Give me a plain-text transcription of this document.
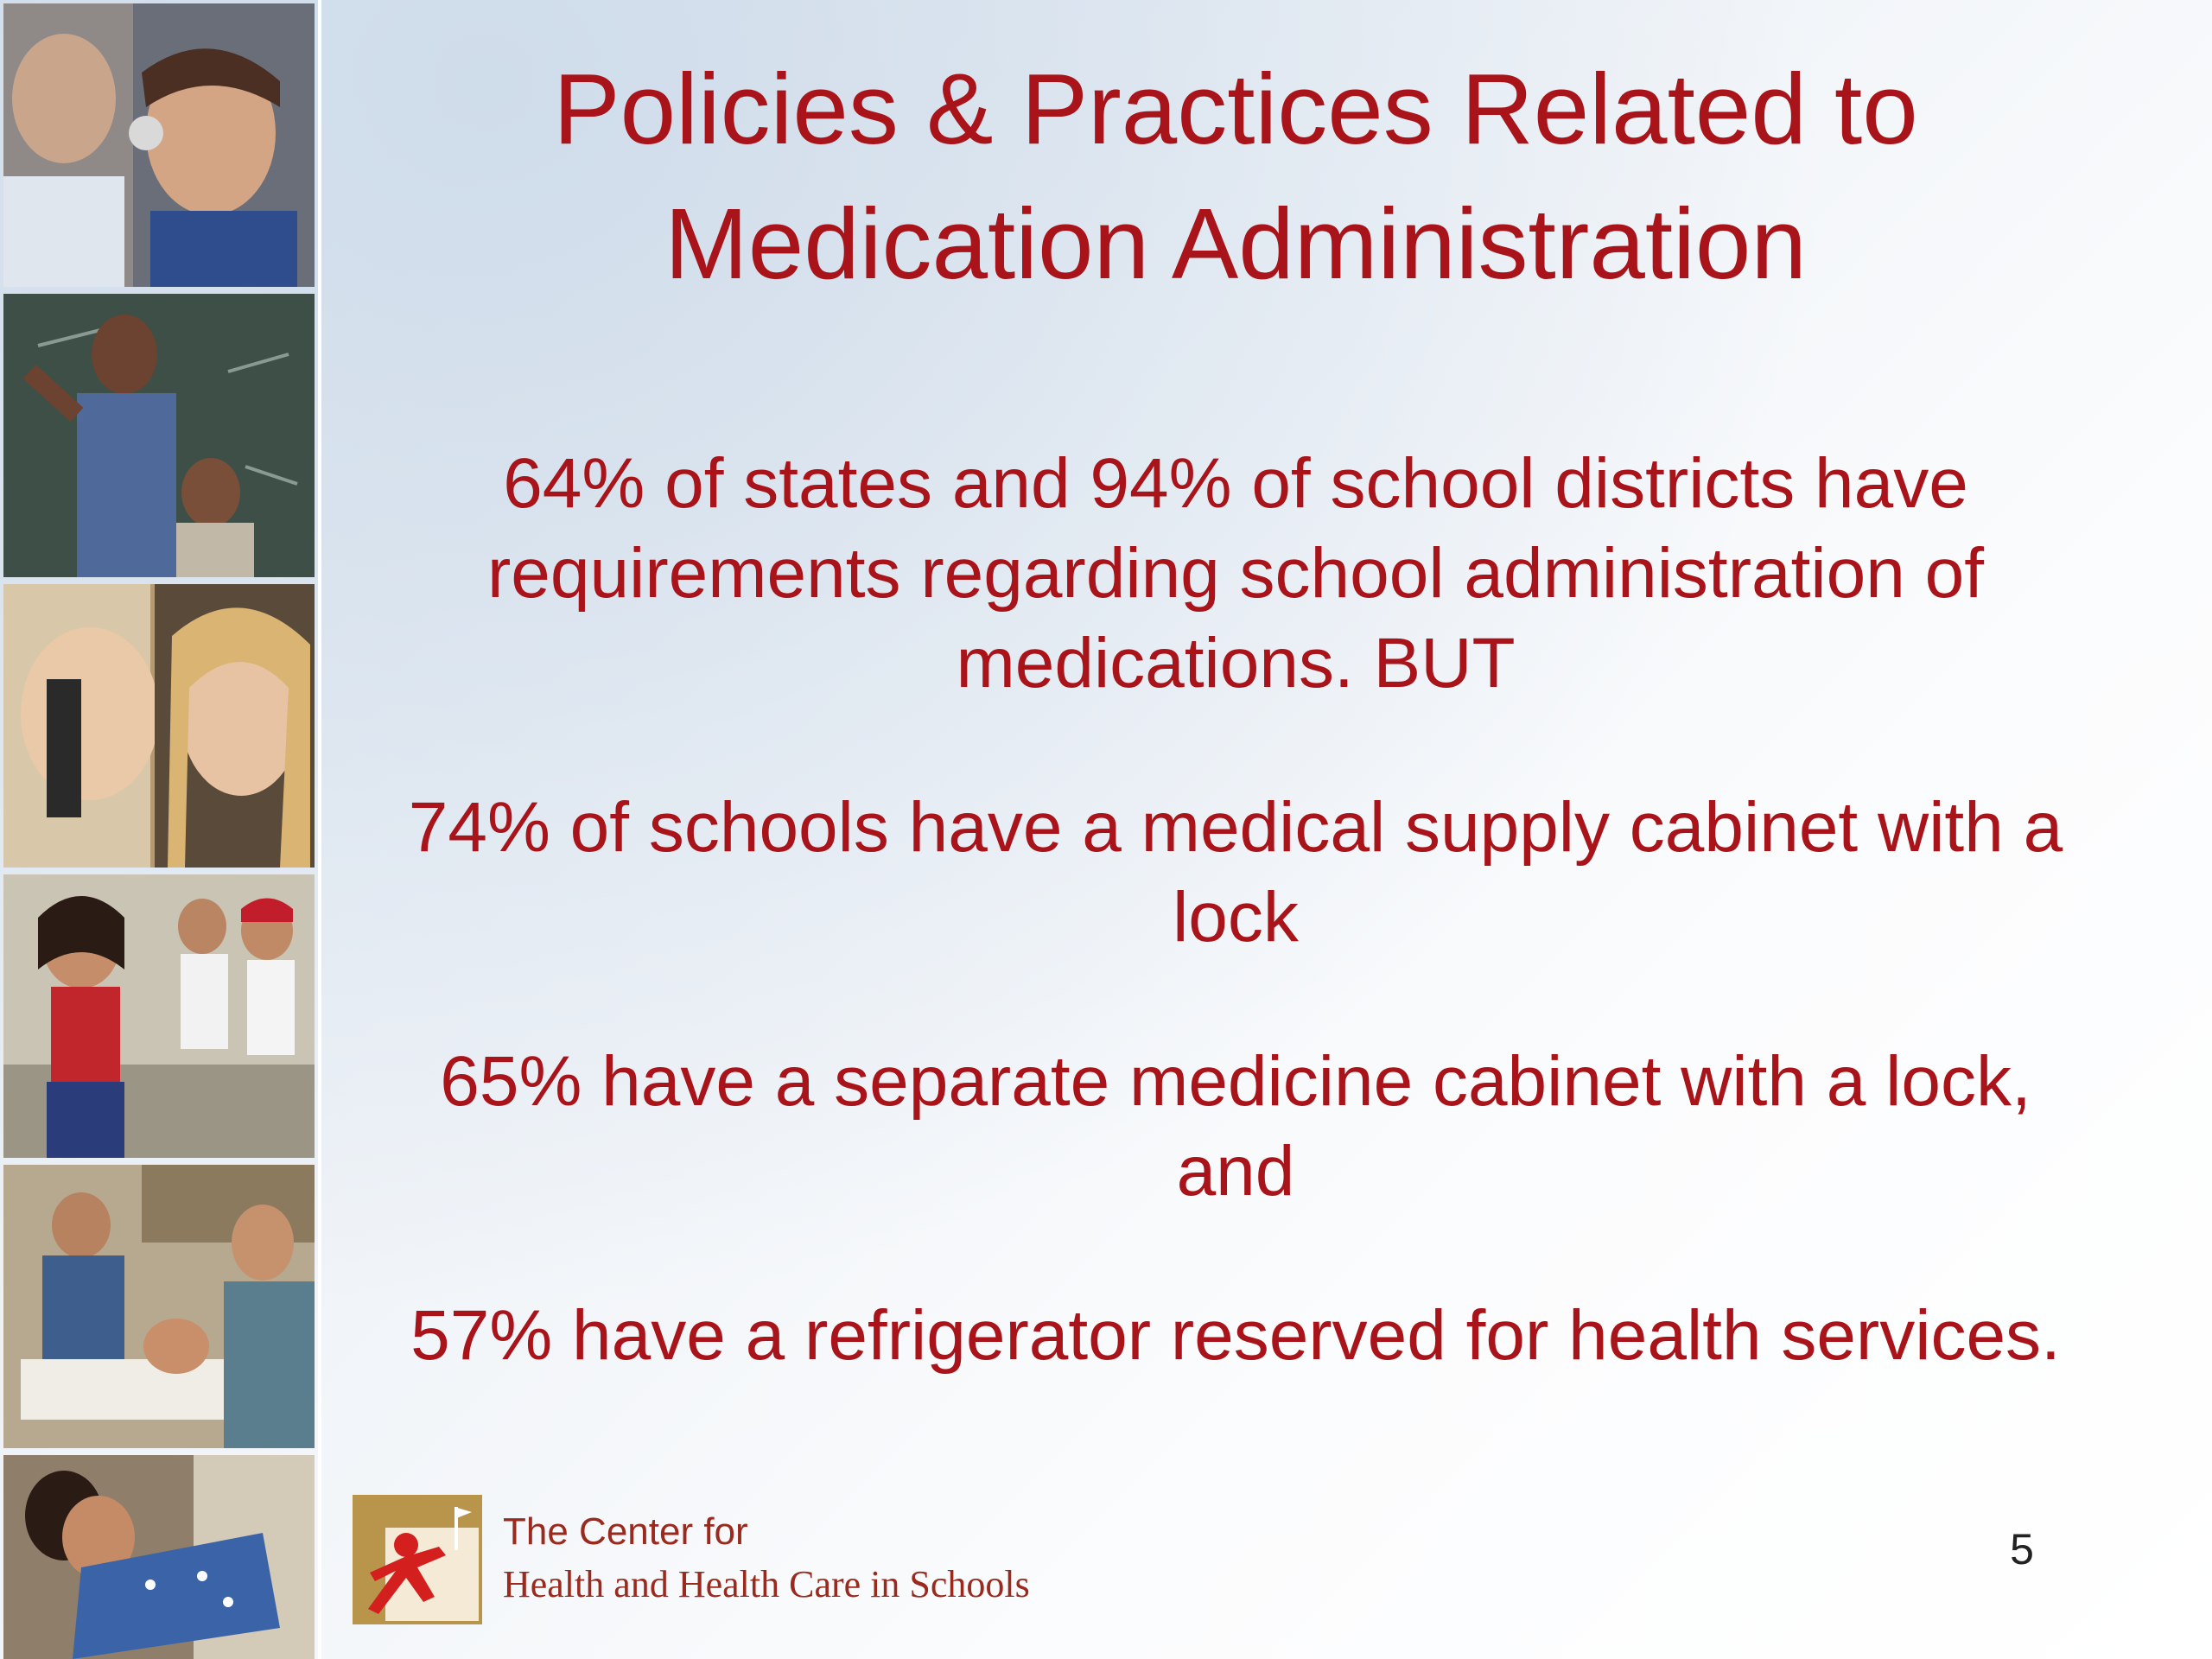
Policies & Practices Related to
Medication Administration

64% of states and 94% of school districts have requirements regarding school administration of medications. BUT

74% of schools have a medical supply cabinet with a lock

65% have a separate medicine cabinet with a lock, and

57% have a refrigerator reserved for health services.

The Center for
Health and Health Care in Schools
5
